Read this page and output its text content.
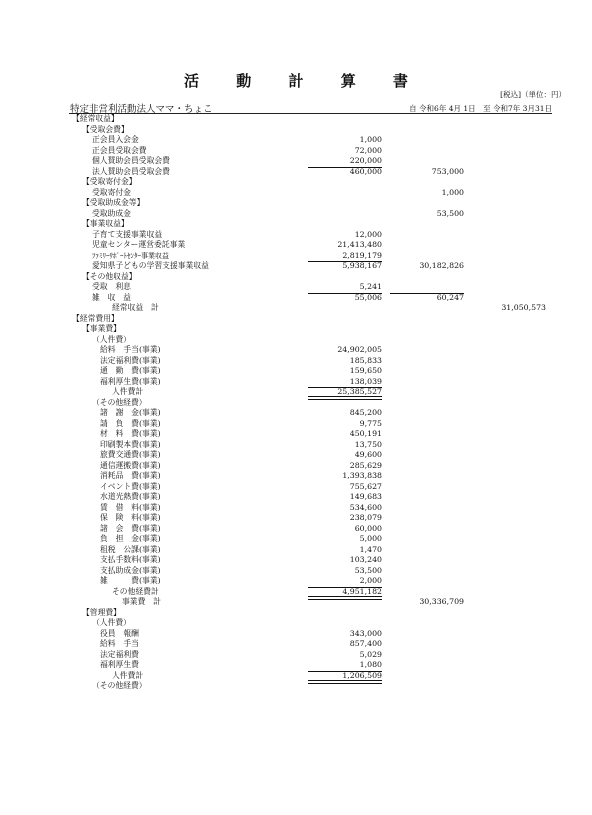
活 動 計 算 書
[税込]（単位：円）
特定非営利活動法人ママ・ちょこ	自 令和6年 4月 1日　至 令和7年 3月31日
【経常収益】
【受取会費】
正会員入会金	1,000
正会員受取会費	72,000
個人賛助会員受取会費	220,000
法人賛助会員受取会費	460,000	753,000
【受取寄付金】
受取寄付金	1,000
【受取助成金等】
受取助成金	53,500
【事業収益】
子育て支援事業収益	12,000
児童センター運営委託事業	21,413,480
ﾌｧﾐﾘｰｻﾎﾟｰﾄｾﾝﾀｰ事業収益	2,819,179
愛知県子どもの学習支援事業収益	5,938,167	30,182,826
【その他収益】
受取　利息	5,241
雑　収　益	55,006	60,247
経常収益　計	31,050,573
【経常費用】
【事業費】
（人件費）
給料　手当(事業)	24,902,005
法定福利費(事業)	185,833
通　勤　費(事業)	159,650
福利厚生費(事業)	138,039
人件費計	25,385,527
（その他経費）
諸　謝　金(事業)	845,200
請　負　費(事業)	9,775
材　料　費(事業)	450,191
印刷製本費(事業)	13,750
旅費交通費(事業)	49,600
通信運搬費(事業)	285,629
消耗品　費(事業)	1,393,838
イベント費(事業)	755,627
水道光熱費(事業)	149,683
賃　借　料(事業)	534,600
保　険　料(事業)	238,079
諸　会　費(事業)	60,000
負　担　金(事業)	5,000
租税　公課(事業)	1,470
支払手数料(事業)	103,240
支払助成金(事業)	53,500
雑　　　費(事業)	2,000
その他経費計	4,951,182
事業費　計	30,336,709
【管理費】
（人件費）
役員　報酬	343,000
給料　手当	857,400
法定福利費	5,029
福利厚生費	1,080
人件費計	1,206,509
（その他経費）
